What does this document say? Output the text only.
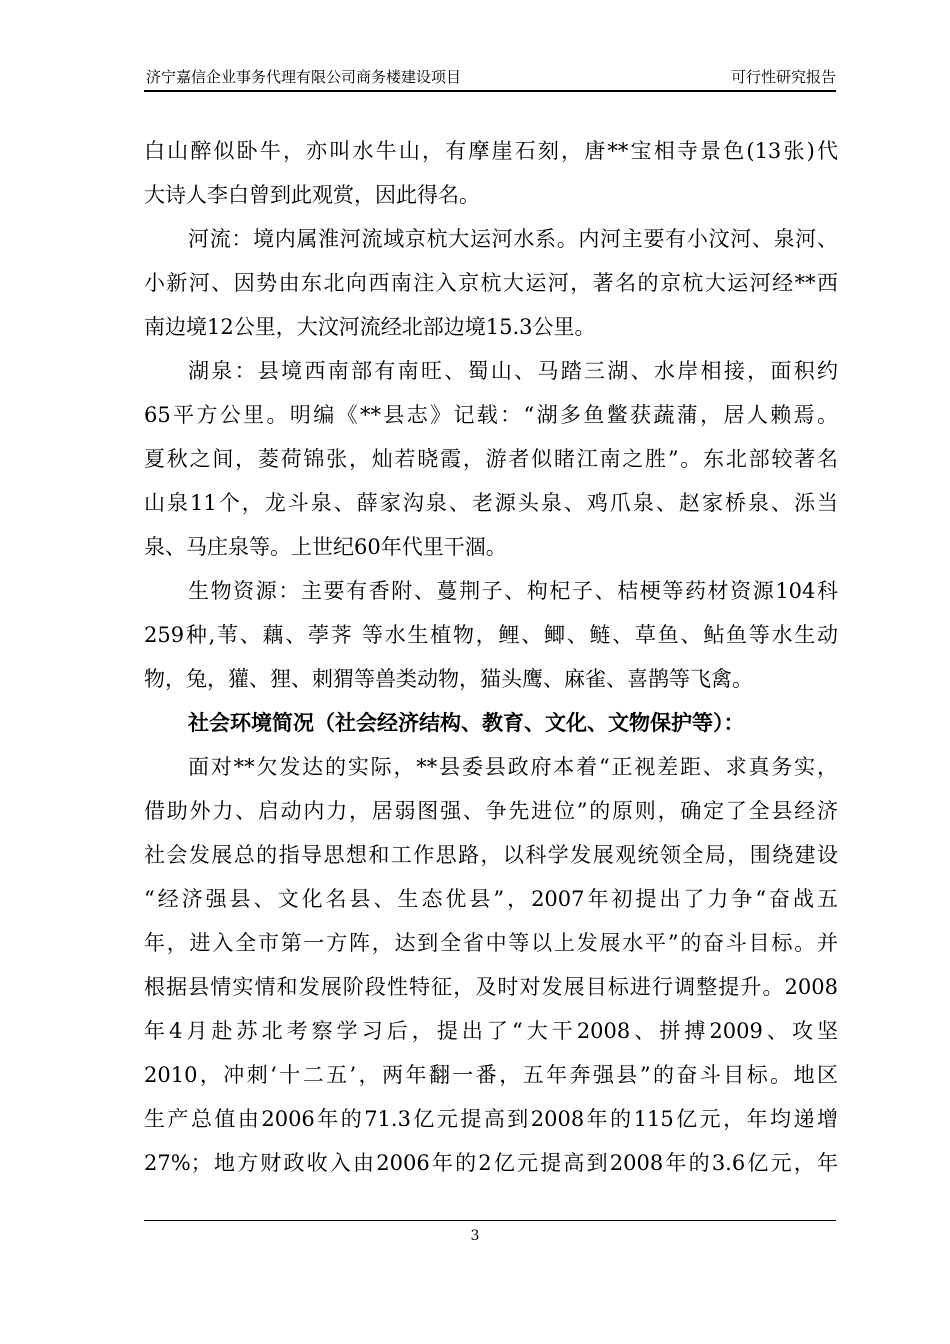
济宁嘉信企业事务代理有限公司商务楼建设项目	可行性研究报告
白山醉似卧牛，亦叫水牛山，有摩崖石刻，唐**宝相寺景色(13张)代
大诗人李白曾到此观赏，因此得名。
河流：境内属淮河流域京杭大运河水系。内河主要有小汶河、泉河、
小新河、因势由东北向西南注入京杭大运河，著名的京杭大运河经**西
南边境12公里，大汶河流经北部边境15.3公里。
湖泉：县境西南部有南旺、蜀山、马踏三湖、水岸相接，面积约
65平方公里。明编《**县志》记载：“湖多鱼鳖获蔬蒲，居人赖焉。
夏秋之间，菱荷锦张，灿若晓霞，游者似睹江南之胜”。东北部较著名
山泉11个，龙斗泉、薛家沟泉、老源头泉、鸡爪泉、赵家桥泉、泺当
泉、马庄泉等。上世纪60年代里干涸。
生物资源：主要有香附、蔓荆子、枸杞子、桔梗等药材资源104科
259种,苇、藕、荸荠 等水生植物，鲤、鲫、鲢、草鱼、鲇鱼等水生动
物，兔，獾、狸、刺猬等兽类动物，猫头鹰、麻雀、喜鹊等飞禽。
社会环境简况（社会经济结构、教育、文化、文物保护等）：
面对**欠发达的实际，**县委县政府本着“正视差距、求真务实，
借助外力、启动内力，居弱图强、争先进位”的原则，确定了全县经济
社会发展总的指导思想和工作思路，以科学发展观统领全局，围绕建设
“经济强县、文化名县、生态优县”，2007年初提出了力争“奋战五
年，进入全市第一方阵，达到全省中等以上发展水平”的奋斗目标。并
根据县情实情和发展阶段性特征，及时对发展目标进行调整提升。2008
年4月赴苏北考察学习后，提出了“大干2008、拼搏2009、攻坚
2010，冲刺‘十二五’，两年翻一番，五年奔强县”的奋斗目标。地区
生产总值由2006年的71.3亿元提高到2008年的115亿元，年均递增
27%；地方财政收入由2006年的2亿元提高到2008年的3.6亿元，年
3
